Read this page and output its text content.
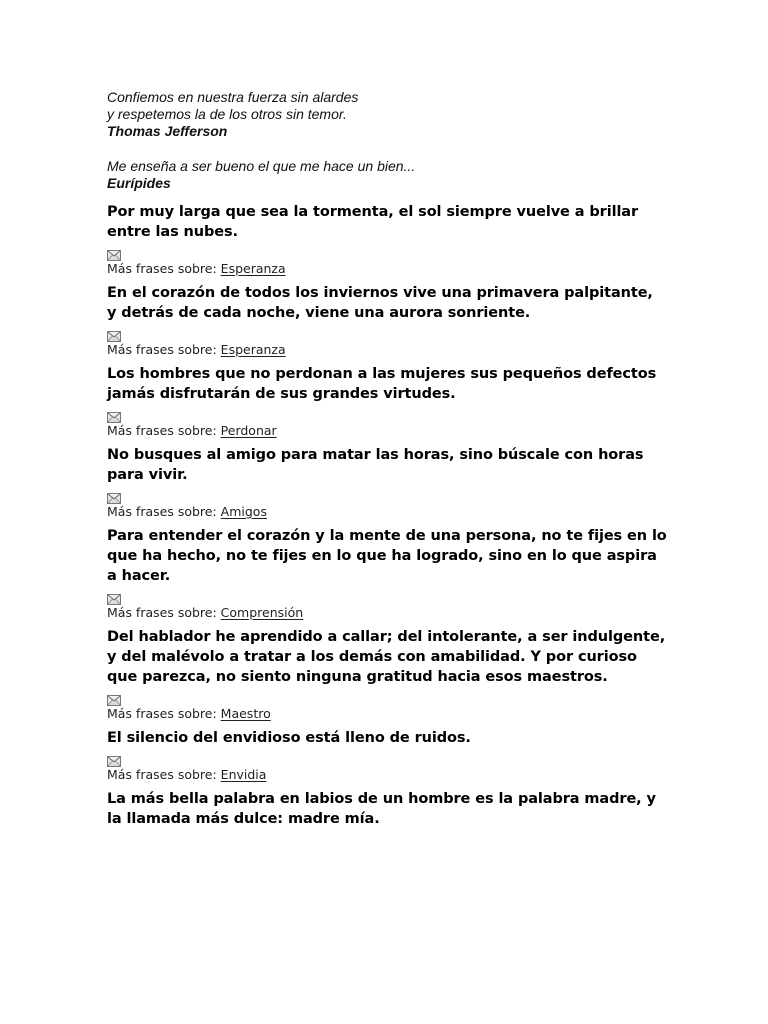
Confiemos en nuestra fuerza sin alardes
y respetemos la de los otros sin temor.
Thomas Jefferson
Me enseña a ser bueno el que me hace un bien...
Eurípides

Por muy larga que sea la tormenta, el sol siempre vuelve a brillar entre las nubes.

Más frases sobre: Esperanza

En el corazón de todos los inviernos vive una primavera palpitante, y detrás de cada noche, viene una aurora sonriente.

Más frases sobre: Esperanza

Los hombres que no perdonan a las mujeres sus pequeños defectos jamás disfrutarán de sus grandes virtudes.

Más frases sobre: Perdonar

No busques al amigo para matar las horas, sino búscale con horas para vivir.

Más frases sobre: Amigos

Para entender el corazón y la mente de una persona, no te fijes en lo que ha hecho, no te fijes en lo que ha logrado, sino en lo que aspira a hacer.

Más frases sobre: Comprensión

Del hablador he aprendido a callar; del intolerante, a ser indulgente, y del malévolo a tratar a los demás con amabilidad. Y por curioso que parezca, no siento ninguna gratitud hacia esos maestros.

Más frases sobre: Maestro

El silencio del envidioso está lleno de ruidos.

Más frases sobre: Envidia

La más bella palabra en labios de un hombre es la palabra madre, y la llamada más dulce: madre mía.
